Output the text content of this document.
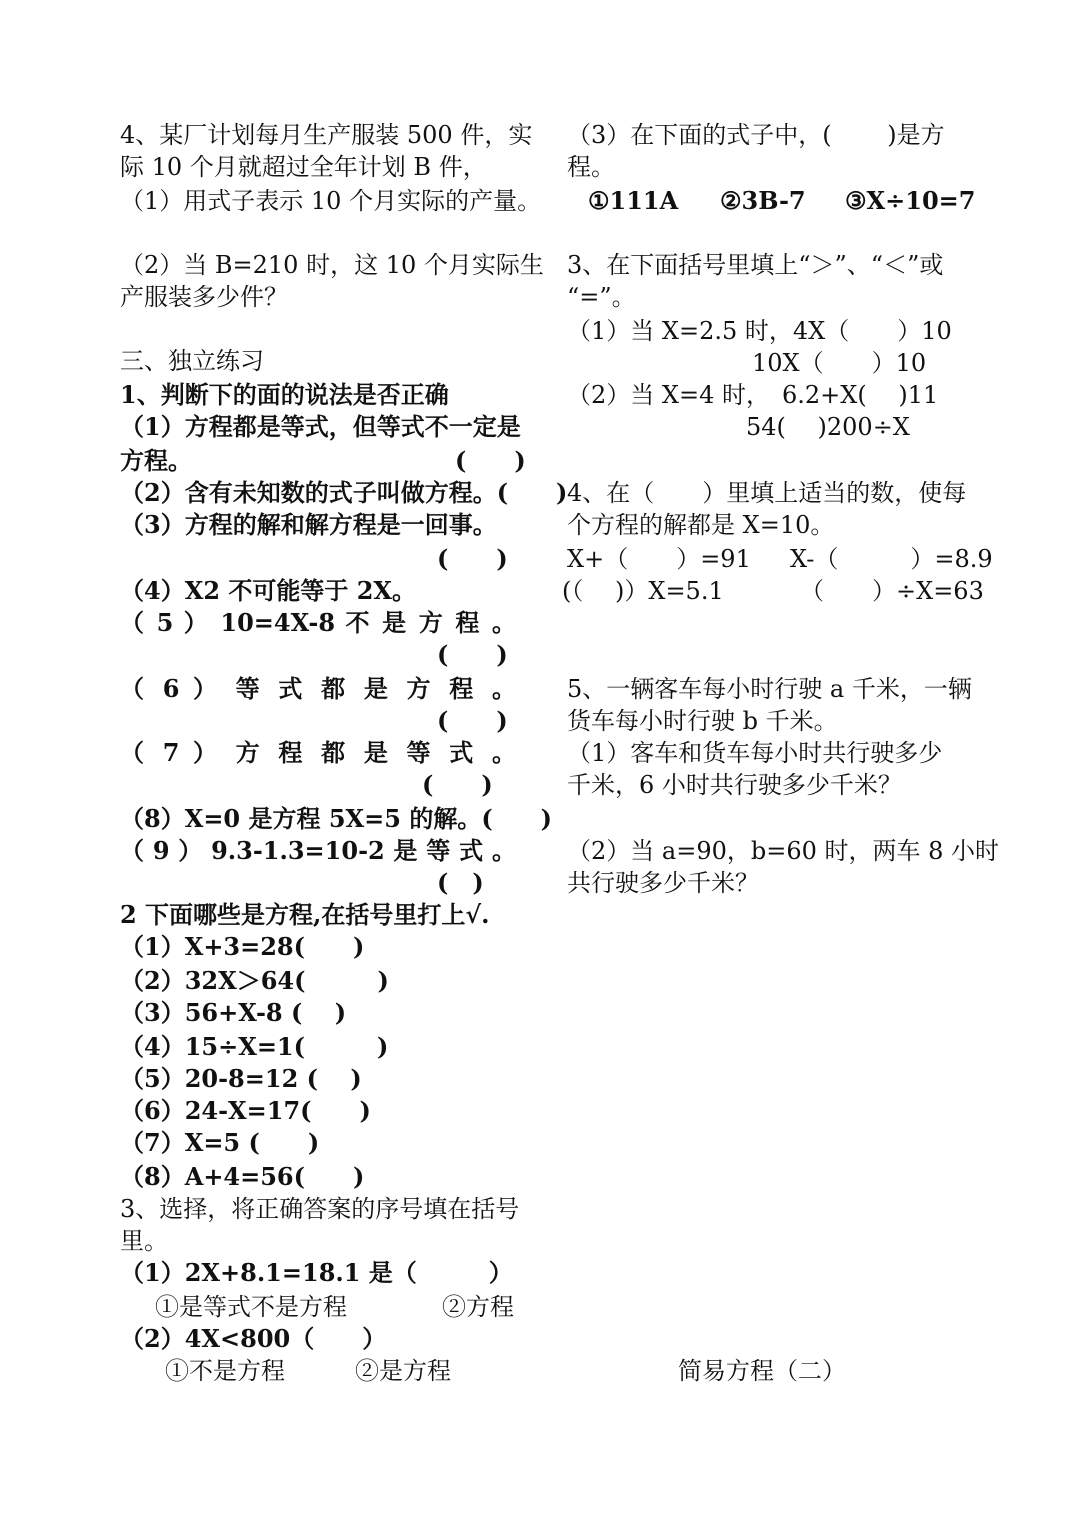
4、某厂计划每月生产服装 500 件，实
际 10 个月就超过全年计划 B 件，
（1）用式子表示 10 个月实际的产量。
（2）当 B=210 时，这 10 个月实际生
产服装多少件？
三、独立练习
1、判断下的面的说法是否正确
（1）方程都是等式，但等式不一定是
方程。	(　　)
（2）含有未知数的式子叫做方程。(　　)
（3）方程的解和解方程是一回事。
(　　)
（4）X2 不可能等于 2X。
（ 5 ） 10=4X-8 不 是 方 程 。
(　　)
（ 6 ） 等 式 都 是 方 程 。
(　　)
（ 7 ） 方 程 都 是 等 式 。
(　　)
（8）X=0 是方程 5X=5 的解。(　　)
（ 9 ） 9.3-1.3=10-2 是 等 式 。
(　)
2 下面哪些是方程,在括号里打上√.
（1）X+3=28(　　)
（2）32X＞64(　　　)
（3）56+X-8 (　 )
（4）15÷X=1(　　　)
（5）20-8=12 (　 )
（6）24-X=17(　　)
（7）X=5 (　　)
（8）A+4=56(　　)
3、选择，将正确答案的序号填在括号
里。
（1）2X+8.1=18.1 是（　　　）
①是等式不是方程	②方程
（2）4X<800（　　）
①不是方程	②是方程
（3）在下面的式子中，(　　 )是方
程。
①111A ②3B-7 ③X÷10=7
3、在下面括号里填上“＞”、“＜”或
“=”。
（1）当 X=2.5 时，4X（　　）10
10X（　　）10
（2）当 X=4 时，　6.2+X(　 )11
54(　 )200÷X
4、在（　　）里填上适当的数，使每
个方程的解都是 X=10。
X+（　　）=91 X-（　　　）=8.9
(（　 )）X=5.1	（　　）÷X=63
5、一辆客车每小时行驶 a 千米，一辆
货车每小时行驶 b 千米。
（1）客车和货车每小时共行驶多少
千米，6 小时共行驶多少千米？
（2）当 a=90，b=60 时，两车 8 小时
共行驶多少千米？
简易方程（二）
